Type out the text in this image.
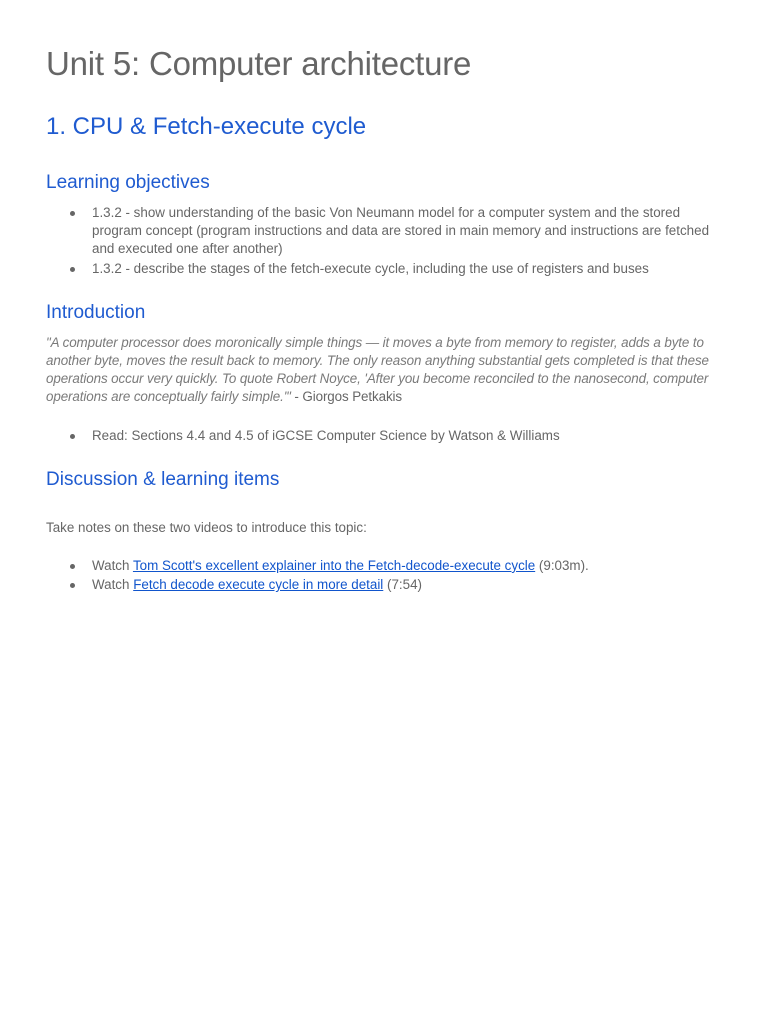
Unit 5: Computer architecture
1. CPU & Fetch-execute cycle
Learning objectives
1.3.2 - show understanding of the basic Von Neumann model for a computer system and the stored program concept (program instructions and data are stored in main memory and instructions are fetched and executed one after another)
1.3.2 - describe the stages of the fetch-execute cycle, including the use of registers and buses
Introduction

"A computer processor does moronically simple things — it moves a byte from memory to register, adds a byte to another byte, moves the result back to memory. The only reason anything substantial gets completed is that these operations occur very quickly. To quote Robert Noyce, 'After you become reconciled to the nanosecond, computer operations are conceptually fairly simple.'" - Giorgos Petkakis

Read: Sections 4.4 and 4.5 of iGCSE Computer Science by Watson & Williams
Discussion & learning items

Take notes on these two videos to introduce this topic:

Watch Tom Scott's excellent explainer into the Fetch-decode-execute cycle (9:03m).
Watch Fetch decode execute cycle in more detail (7:54)
